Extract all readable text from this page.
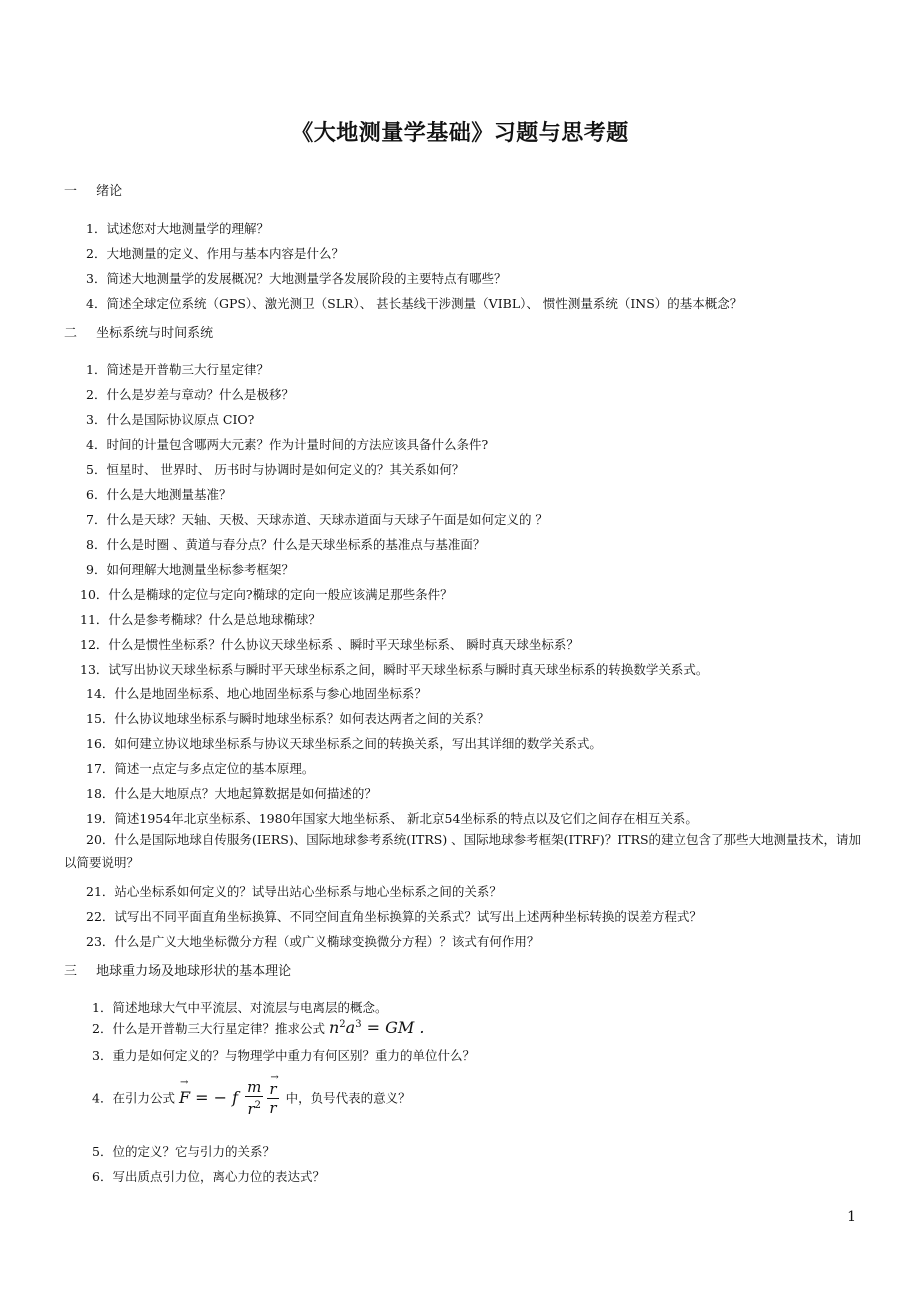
《大地测量学基础》习题与思考题
一 绪论
1．试述您对大地测量学的理解？
2．大地测量的定义、作用与基本内容是什么？
3．简述大地测量学的发展概况？大地测量学各发展阶段的主要特点有哪些？
4．简述全球定位系统（GPS）、激光测卫（SLR）、 甚长基线干涉测量（VIBL）、 惯性测量系统（INS）的基本概念？
二 坐标系统与时间系统
1．简述是开普勒三大行星定律？
2．什么是岁差与章动？什么是极移？
3．什么是国际协议原点 CIO?
4．时间的计量包含哪两大元素？作为计量时间的方法应该具备什么条件?
5．恒星时、 世界时、 历书时与协调时是如何定义的？其关系如何？
6．什么是大地测量基准？
7．什么是天球？天轴、天极、天球赤道、天球赤道面与天球子午面是如何定义的 ？
8．什么是时圈 、黄道与春分点？什么是天球坐标系的基准点与基准面？
9．如何理解大地测量坐标参考框架？
10．什么是椭球的定位与定向?椭球的定向一般应该满足那些条件？
11．什么是参考椭球？什么是总地球椭球？
12．什么是惯性坐标系？什么协议天球坐标系 、瞬时平天球坐标系、 瞬时真天球坐标系？
13．试写出协议天球坐标系与瞬时平天球坐标系之间，瞬时平天球坐标系与瞬时真天球坐标系的转换数学关系式。
14．什么是地固坐标系、地心地固坐标系与参心地固坐标系？
15．什么协议地球坐标系与瞬时地球坐标系？如何表达两者之间的关系？
16．如何建立协议地球坐标系与协议天球坐标系之间的转换关系，写出其详细的数学关系式。
17．简述一点定与多点定位的基本原理。
18．什么是大地原点？大地起算数据是如何描述的？
19．简述1954年北京坐标系、1980年国家大地坐标系、 新北京54坐标系的特点以及它们之间存在相互关系。
20．什么是国际地球自传服务(IERS)、国际地球参考系统(ITRS) 、国际地球参考框架(ITRF)？ITRS的建立包含了那些大地测量技术，请加以简要说明？
21．站心坐标系如何定义的？试导出站心坐标系与地心坐标系之间的关系？
22．试写出不同平面直角坐标换算、不同空间直角坐标换算的关系式？试写出上述两种坐标转换的误差方程式？
23．什么是广义大地坐标微分方程（或广义椭球变换微分方程）？该式有何作用？
三 地球重力场及地球形状的基本理论
1．简述地球大气中平流层、对流层与电离层的概念。
2．什么是开普勒三大行星定律？推求公式 $n^2a^3$ = GM .
3．重力是如何定义的？与物理学中重力有何区别？重力的单位什么？
4．在引力公式
→
F = − f $\frac{m}{r^2}$ →
r
r 中，负号代表的意义？
5．位的定义？它与引力的关系？
6．写出质点引力位，离心力位的表达式？
1
